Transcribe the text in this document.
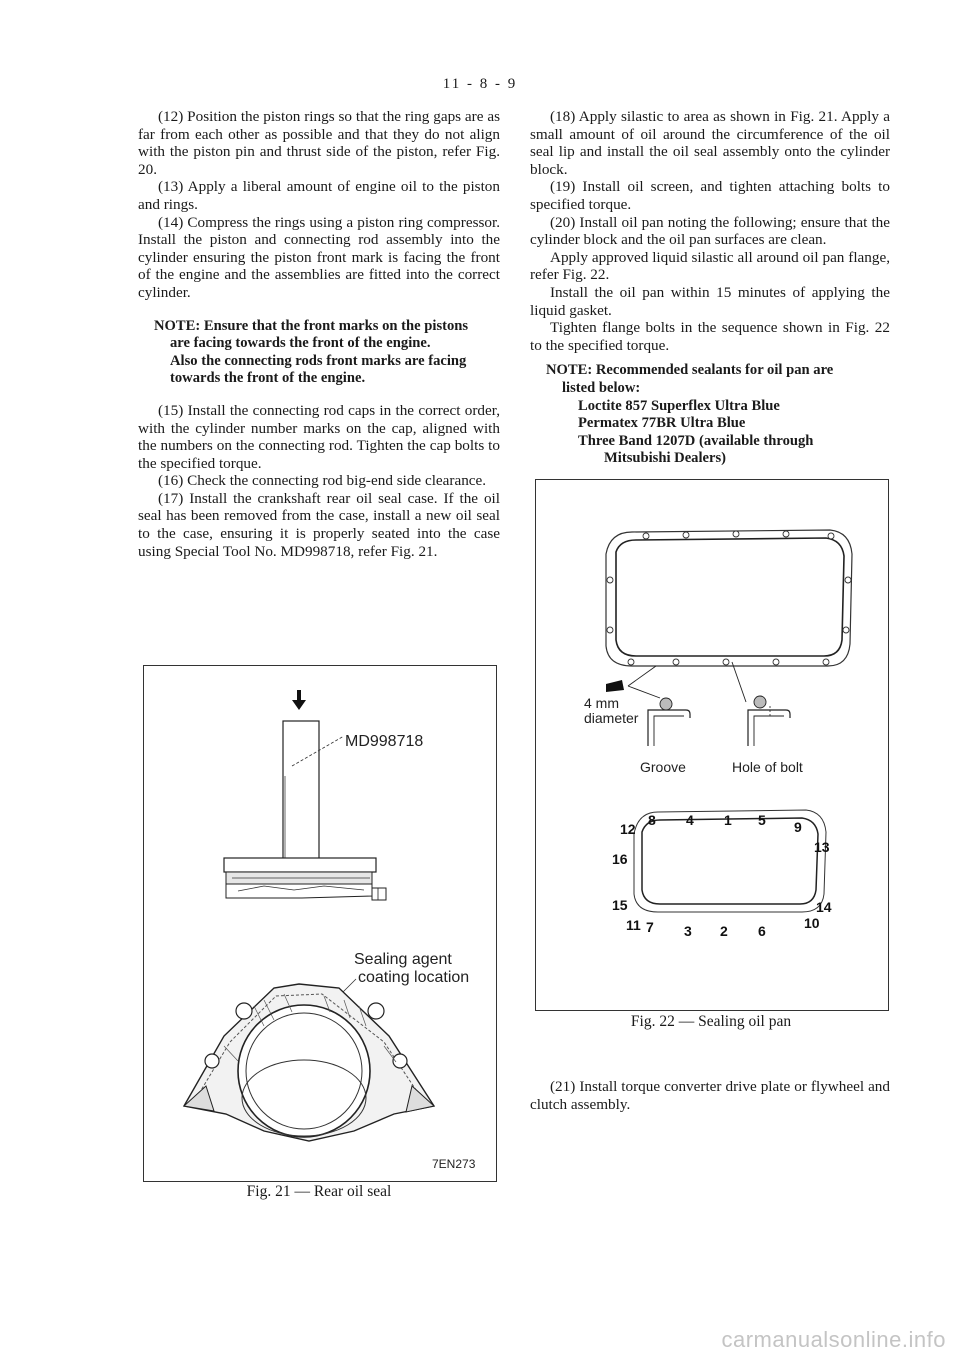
11 - 8 - 9

(12) Position the piston rings so that the ring gaps are as far from each other as possible and that they do not align with the piston pin and thrust side of the piston, refer Fig. 20.

(13) Apply a liberal amount of engine oil to the piston and rings.

(14) Compress the rings using a piston ring compressor. Install the piston and connecting rod assembly into the cylinder ensuring the piston front mark is facing the front of the engine and the assemblies are fitted into the correct cylinder.

NOTE: Ensure that the front marks on the pistons
are facing towards the front of the engine.
Also the connecting rods front marks are facing
towards the front of the engine.

(15) Install the connecting rod caps in the correct order, with the cylinder number marks on the cap, aligned with the numbers on the connecting rod. Tighten the cap bolts to the specified torque.

(16) Check the connecting rod big-end side clearance.

(17) Install the crankshaft rear oil seal case. If the oil seal has been removed from the case, install a new oil seal to the case, ensuring it is properly seated into the case using Special Tool No. MD998718, refer Fig. 21.

(18) Apply silastic to area as shown in Fig. 21. Apply a small amount of oil around the circumference of the oil seal lip and install the oil seal assembly onto the cylinder block.

(19) Install oil screen, and tighten attaching bolts to specified torque.

(20) Install oil pan noting the following; ensure that the cylinder block and the oil pan surfaces are clean.

Apply approved liquid silastic all around oil pan flange, refer Fig. 22.

Install the oil pan within 15 minutes of applying the liquid gasket.

Tighten flange bolts in the sequence shown in Fig. 22 to the specified torque.

NOTE: Recommended sealants for oil pan are
listed below:
Loctite 857 Superflex Ultra Blue
Permatex 77BR Ultra Blue
Three Band 1207D (available through
Mitsubishi Dealers)
MD998718
Sealing agent
coating location
7EN273
Fig. 21 — Rear oil seal
4 mm
diameter
Groove	Hole of bolt
12
8 4 1 5 9
16
15
13
14
10
11 7 3 2 6
Fig. 22 — Sealing oil pan
(21) Install torque converter drive plate or flywheel and clutch assembly.
carmanualsonline.info
